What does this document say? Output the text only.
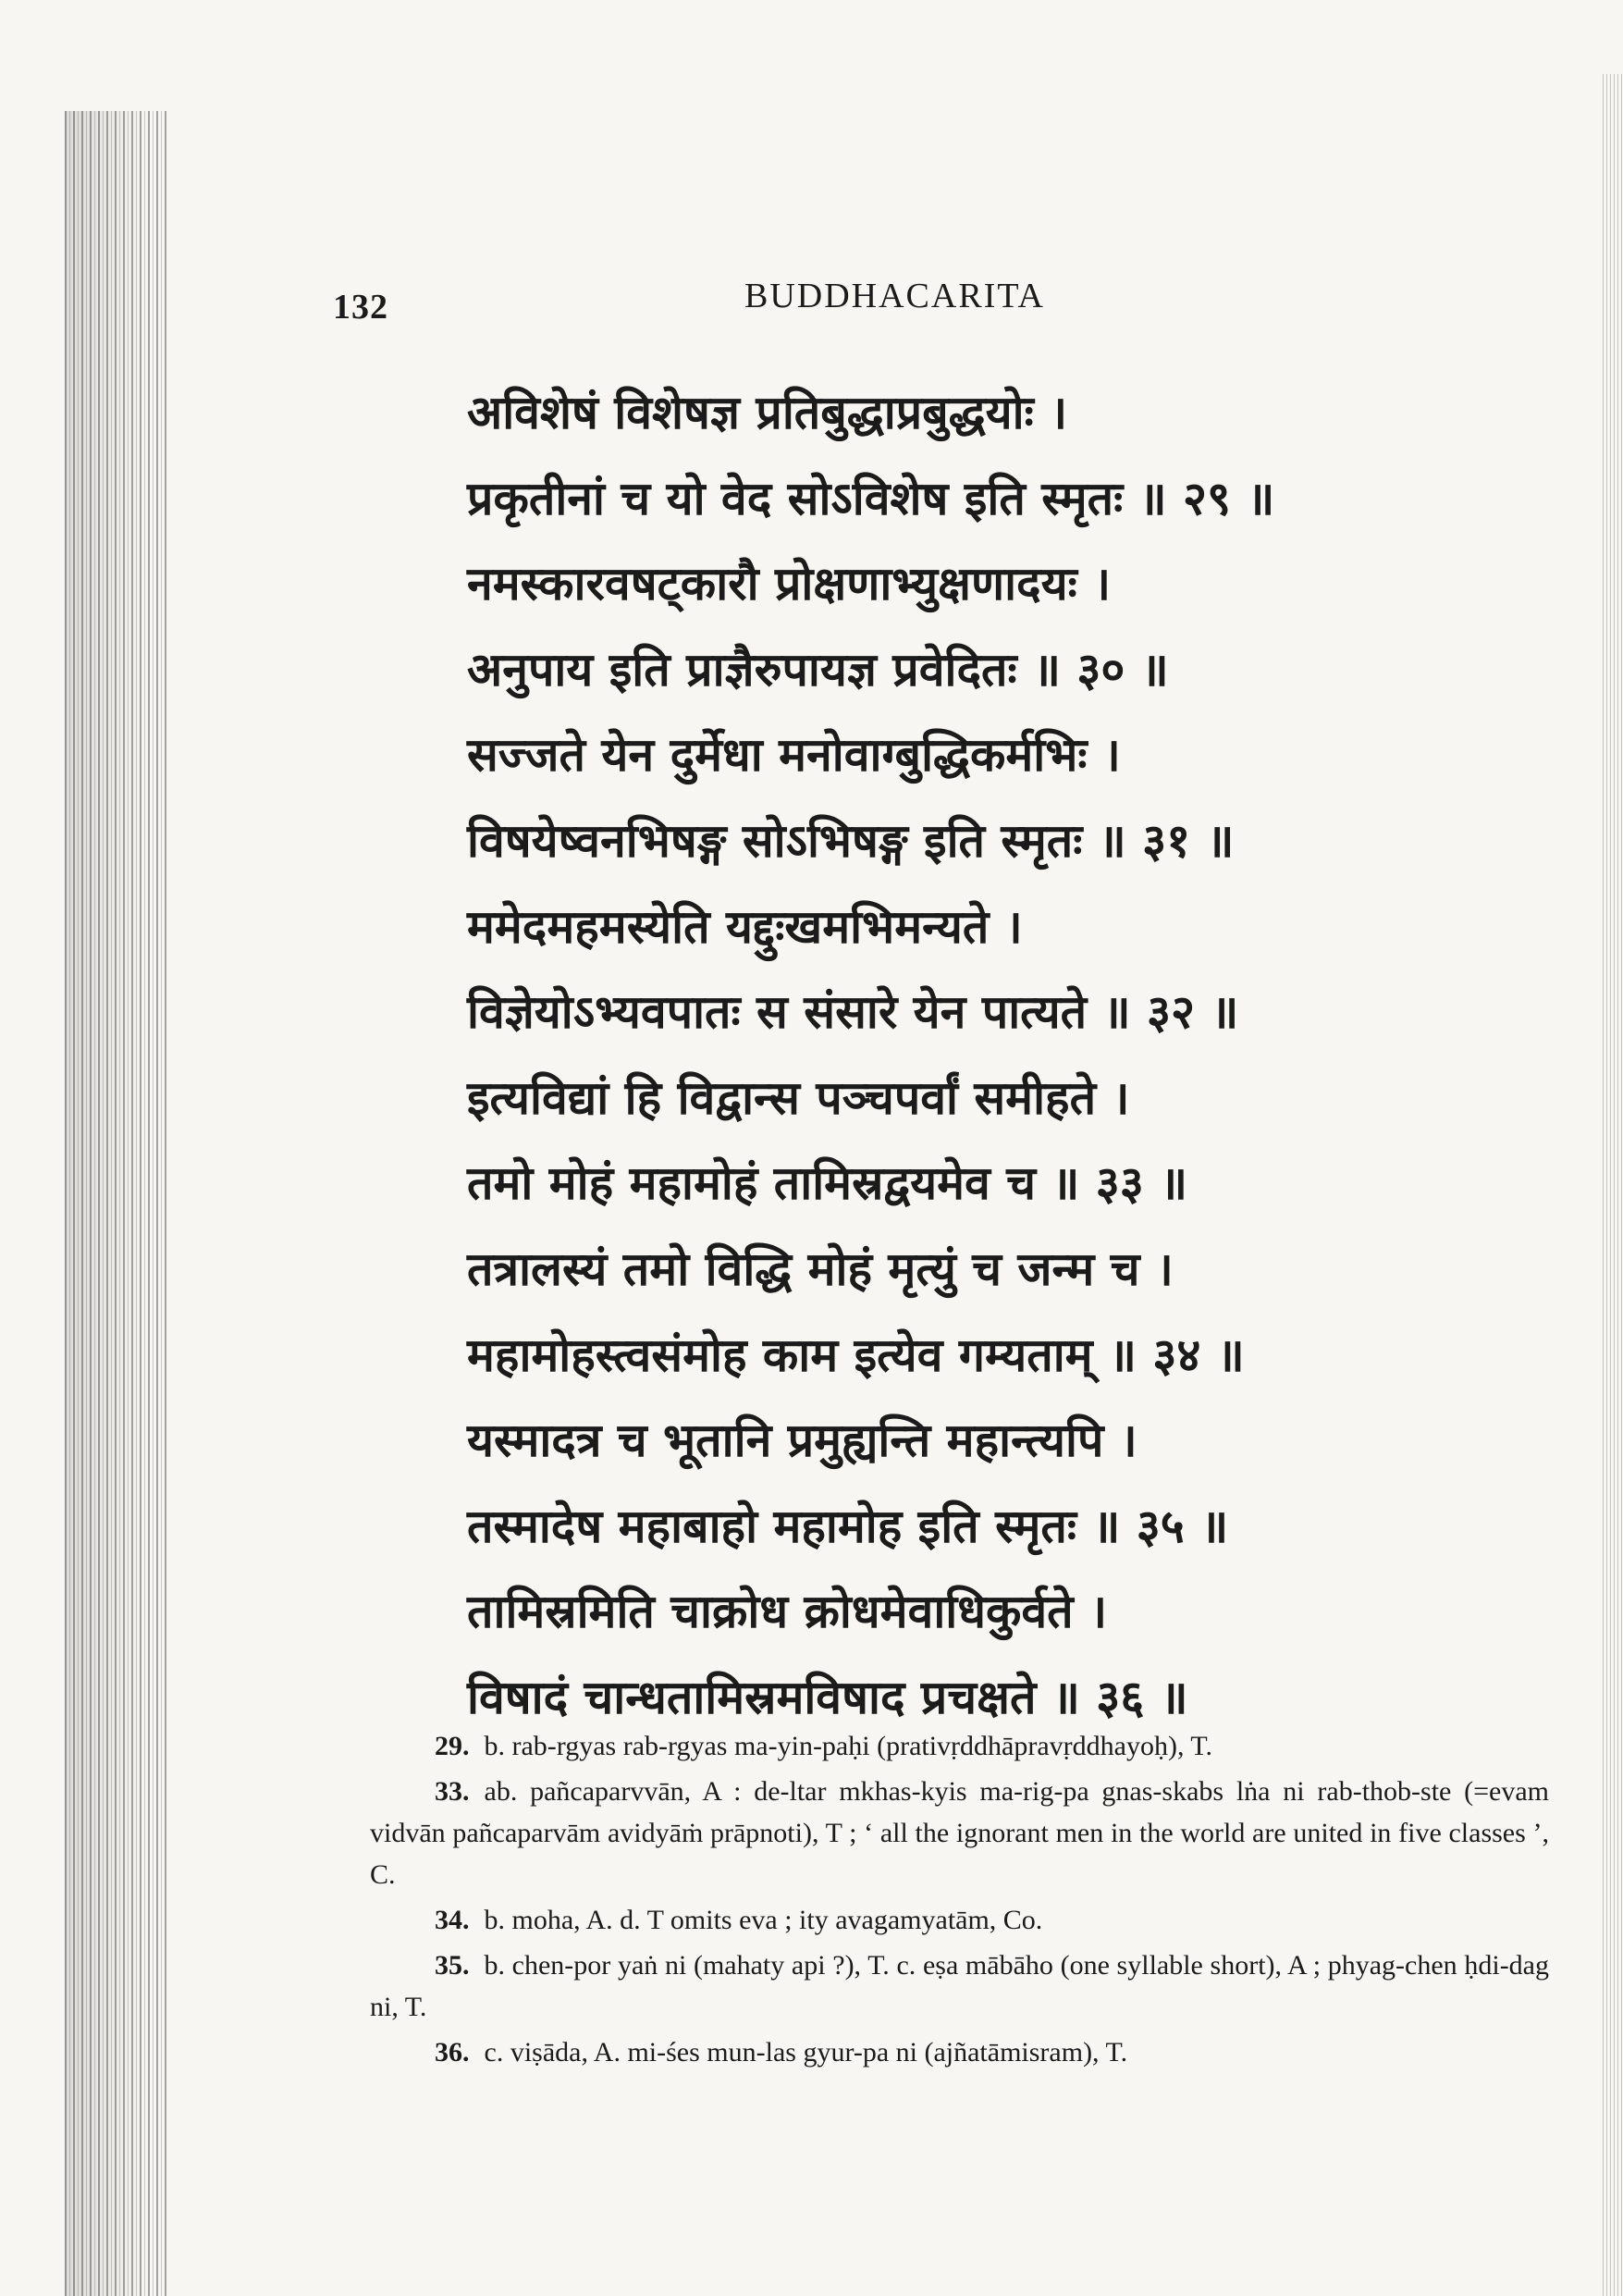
132	BUDDHACARITA
अविशेषं विशेषज्ञ प्रतिबुद्धाप्रबुद्धयोः ।
प्रकृतीनां च यो वेद सोऽविशेष इति स्मृतः ॥ २९ ॥
नमस्कारवषट्कारौ प्रोक्षणाभ्युक्षणादयः ।
अनुपाय इति प्राज्ञैरुपायज्ञ प्रवेदितः ॥ ३० ॥
सज्जते येन दुर्मेधा मनोवाग्बुद्धिकर्मभिः ।
विषयेष्वनभिषङ्ग सोऽभिषङ्ग इति स्मृतः ॥ ३१ ॥
ममेदमहमस्येति यद्दुःखमभिमन्यते ।
विज्ञेयोऽभ्यवपातः स संसारे येन पात्यते ॥ ३२ ॥
इत्यविद्यां हि विद्वान्स पञ्चपर्वां समीहते ।
तमो मोहं महामोहं तामिस्रद्वयमेव च ॥ ३३ ॥
तत्रालस्यं तमो विद्धि मोहं मृत्युं च जन्म च ।
महामोहस्त्वसंमोह काम इत्येव गम्यताम् ॥ ३४ ॥
यस्मादत्र च भूतानि प्रमुह्यन्ति महान्त्यपि ।
तस्मादेष महाबाहो महामोह इति स्मृतः ॥ ३५ ॥
तामिस्रमिति चाक्रोध क्रोधमेवाधिकुर्वते ।
विषादं चान्धतामिस्रमविषाद प्रचक्षते ॥ ३६ ॥

29. b. rab-rgyas rab-rgyas ma-yin-paḥi (prativṛddhāpravṛddhayoḥ), T.

33. ab. pañcaparvvān, A : de-ltar mkhas-kyis ma-rig-pa gnas-skabs lṅa ni rab-thob-ste (=evam vidvān pañcaparvām avidyāṁ prāpnoti), T ; ‘ all the ignorant men in the world are united in five classes ’, C.

34. b. moha, A. d. T omits eva ; ity avagamyatām, Co.

35. b. chen-por yaṅ ni (mahaty api ?), T. c. eṣa mābāho (one syllable short), A ; phyag-chen ḥdi-dag ni, T.

36. c. viṣāda, A. mi-śes mun-las gyur-pa ni (ajñatāmisram), T.
